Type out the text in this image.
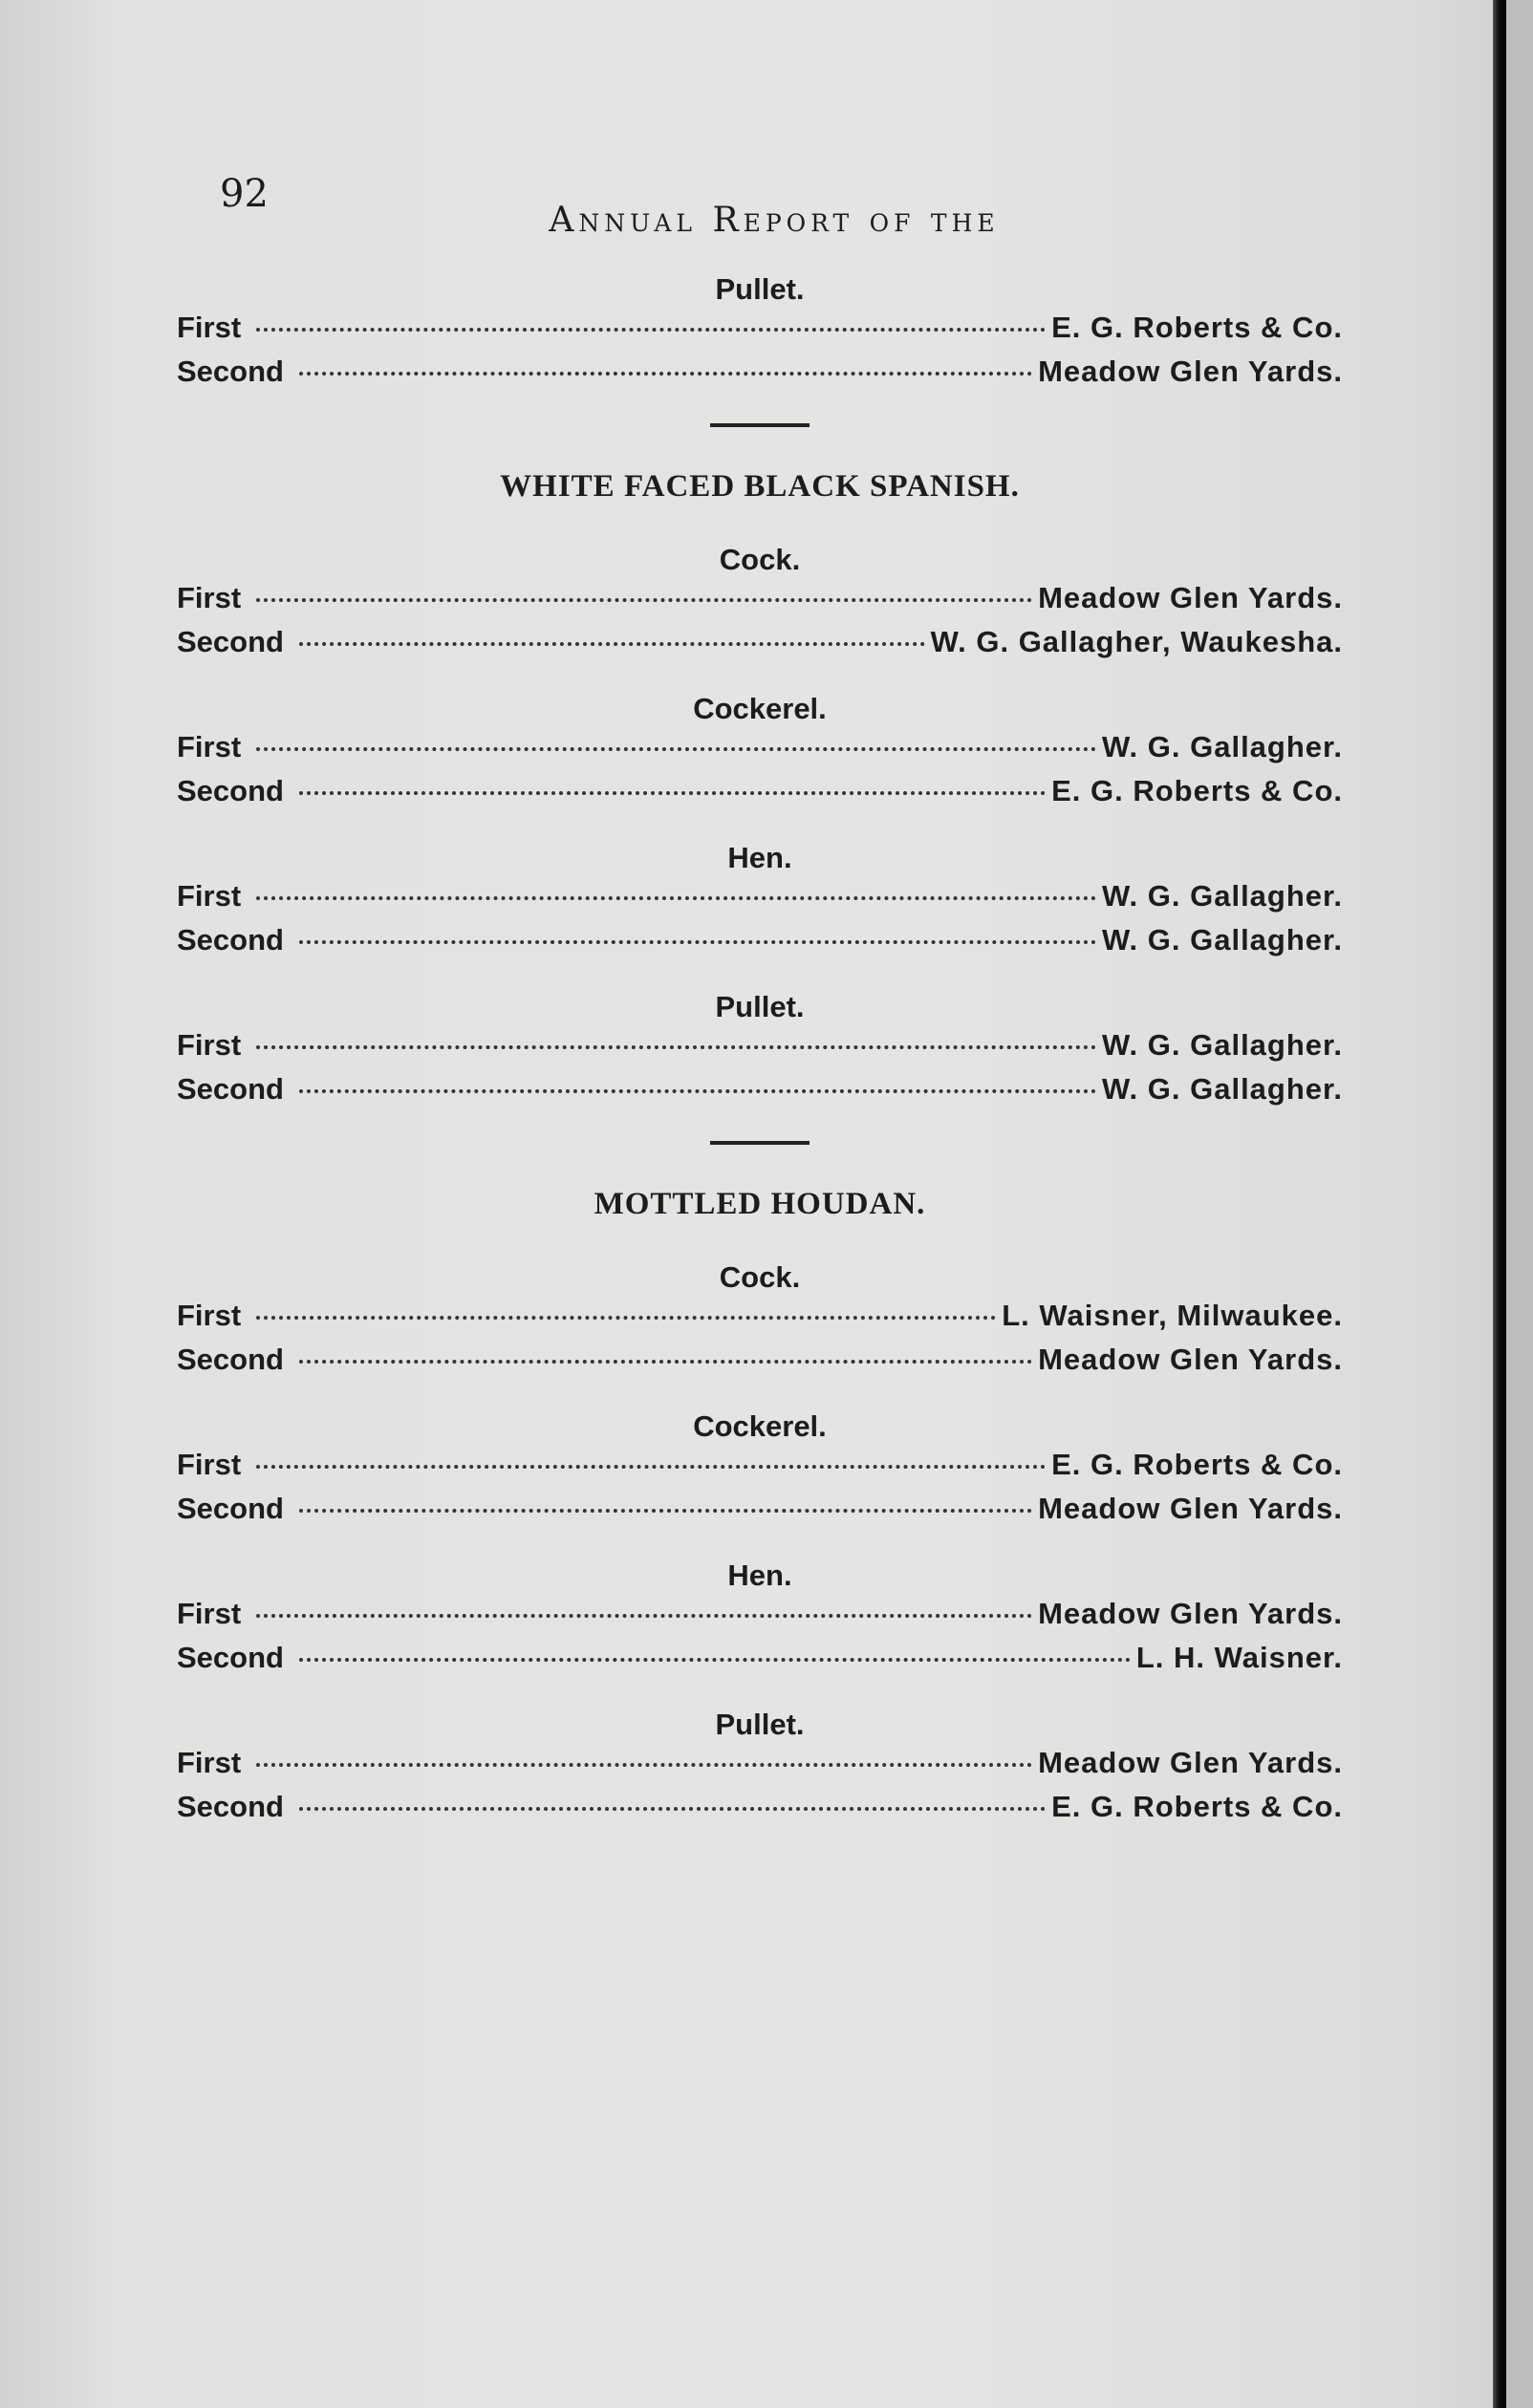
92
Annual Report of the
Pullet.
First	E. G. Roberts & Co.
Second	Meadow Glen Yards.
WHITE FACED BLACK SPANISH.
Cock.
First	Meadow Glen Yards.
Second	W. G. Gallagher, Waukesha.
Cockerel.
First	W. G. Gallagher.
Second	E. G. Roberts & Co.
Hen.
First	W. G. Gallagher.
Second	W. G. Gallagher.
Pullet.
First	W. G. Gallagher.
Second	W. G. Gallagher.
MOTTLED HOUDAN.
Cock.
First	L. Waisner, Milwaukee.
Second	Meadow Glen Yards.
Cockerel.
First	E. G. Roberts & Co.
Second	Meadow Glen Yards.
Hen.
First	Meadow Glen Yards.
Second	L. H. Waisner.
Pullet.
First	Meadow Glen Yards.
Second	E. G. Roberts & Co.
